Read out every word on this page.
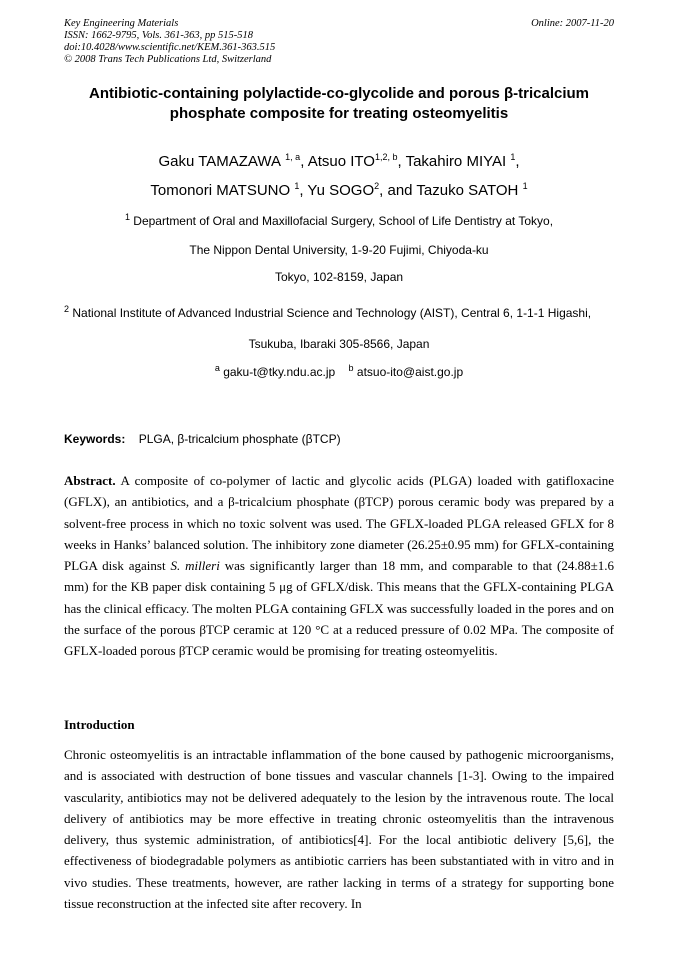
Key Engineering Materials
ISSN: 1662-9795, Vols. 361-363, pp 515-518
doi:10.4028/www.scientific.net/KEM.361-363.515
© 2008 Trans Tech Publications Ltd, Switzerland
Online: 2007-11-20
Antibiotic-containing polylactide-co-glycolide and porous β-tricalcium
phosphate composite for treating osteomyelitis
Gaku TAMAZAWA $^{1, a}$, Atsuo ITO$^{1,2, b}$, Takahiro MIYAI $^1$,
Tomonori MATSUNO $^1$, Yu SOGO$^2$, and Tazuko SATOH $^1$
$^1$ Department of Oral and Maxillofacial Surgery, School of Life Dentistry at Tokyo,
The Nippon Dental University, 1-9-20 Fujimi, Chiyoda-ku
Tokyo, 102-8159, Japan
$^2$ National Institute of Advanced Industrial Science and Technology (AIST), Central 6, 1-1-1 Higashi,
Tsukuba, Ibaraki 305-8566, Japan
$^a$ gaku-t@tky.ndu.ac.jp $^b$ atsuo-ito@aist.go.jp
Keywords: PLGA, β-tricalcium phosphate (βTCP)
Abstract. A composite of co-polymer of lactic and glycolic acids (PLGA) loaded with gatifloxacine (GFLX), an antibiotics, and a β-tricalcium phosphate (βTCP) porous ceramic body was prepared by a solvent-free process in which no toxic solvent was used. The GFLX-loaded PLGA released GFLX for 8 weeks in Hanks’ balanced solution. The inhibitory zone diameter (26.25±0.95 mm) for GFLX-containing PLGA disk against S. milleri was significantly larger than 18 mm, and comparable to that (24.88±1.6 mm) for the KB paper disk containing 5 μg of GFLX/disk. This means that the GFLX-containing PLGA has the clinical efficacy. The molten PLGA containing GFLX was successfully loaded in the pores and on the surface of the porous βTCP ceramic at 120 °C at a reduced pressure of 0.02 MPa. The composite of GFLX-loaded porous βTCP ceramic would be promising for treating osteomyelitis.
Introduction
Chronic osteomyelitis is an intractable inflammation of the bone caused by pathogenic microorganisms, and is associated with destruction of bone tissues and vascular channels [1-3]. Owing to the impaired vascularity, antibiotics may not be delivered adequately to the lesion by the intravenous route. The local delivery of antibiotics may be more effective in treating chronic osteomyelitis than the intravenous delivery, thus systemic administration, of antibiotics[4]. For the local antibiotic delivery [5,6], the effectiveness of biodegradable polymers as antibiotic carriers has been substantiated with in vitro and in vivo studies. These treatments, however, are rather lacking in terms of a strategy for supporting bone tissue reconstruction at the infected site after recovery. In
